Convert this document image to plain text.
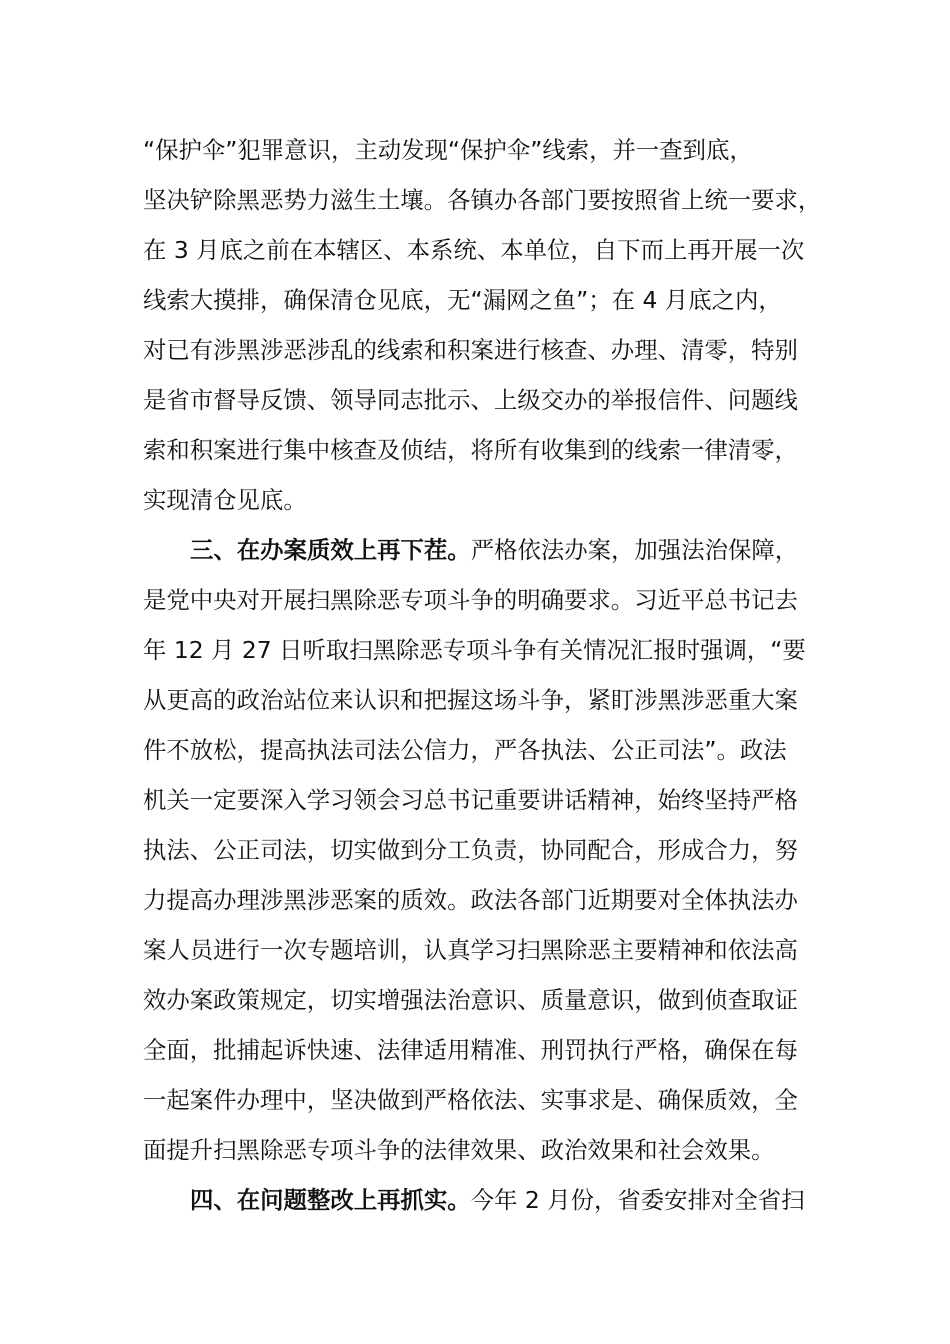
“保护伞”犯罪意识，主动发现“保护伞”线索，并一查到底，
坚决铲除黑恶势力滋生土壤。各镇办各部门要按照省上统一要求，
在 3 月底之前在本辖区、本系统、本单位，自下而上再开展一次
线索大摸排，确保清仓见底，无“漏网之鱼”；在 4 月底之内，
对已有涉黑涉恶涉乱的线索和积案进行核查、办理、清零，特别
是省市督导反馈、领导同志批示、上级交办的举报信件、问题线
索和积案进行集中核查及侦结，将所有收集到的线索一律清零，
实现清仓见底。
三、在办案质效上再下茬。严格依法办案，加强法治保障，
是党中央对开展扫黑除恶专项斗争的明确要求。习近平总书记去
年 12 月 27 日听取扫黑除恶专项斗争有关情况汇报时强调，“要
从更高的政治站位来认识和把握这场斗争，紧盯涉黑涉恶重大案
件不放松，提高执法司法公信力，严各执法、公正司法”。政法
机关一定要深入学习领会习总书记重要讲话精神，始终坚持严格
执法、公正司法，切实做到分工负责，协同配合，形成合力，努
力提高办理涉黑涉恶案的质效。政法各部门近期要对全体执法办
案人员进行一次专题培训，认真学习扫黑除恶主要精神和依法高
效办案政策规定，切实增强法治意识、质量意识，做到侦查取证
全面，批捕起诉快速、法律适用精准、刑罚执行严格，确保在每
一起案件办理中，坚决做到严格依法、实事求是、确保质效，全
面提升扫黑除恶专项斗争的法律效果、政治效果和社会效果。
四、在问题整改上再抓实。今年 2 月份，省委安排对全省扫
